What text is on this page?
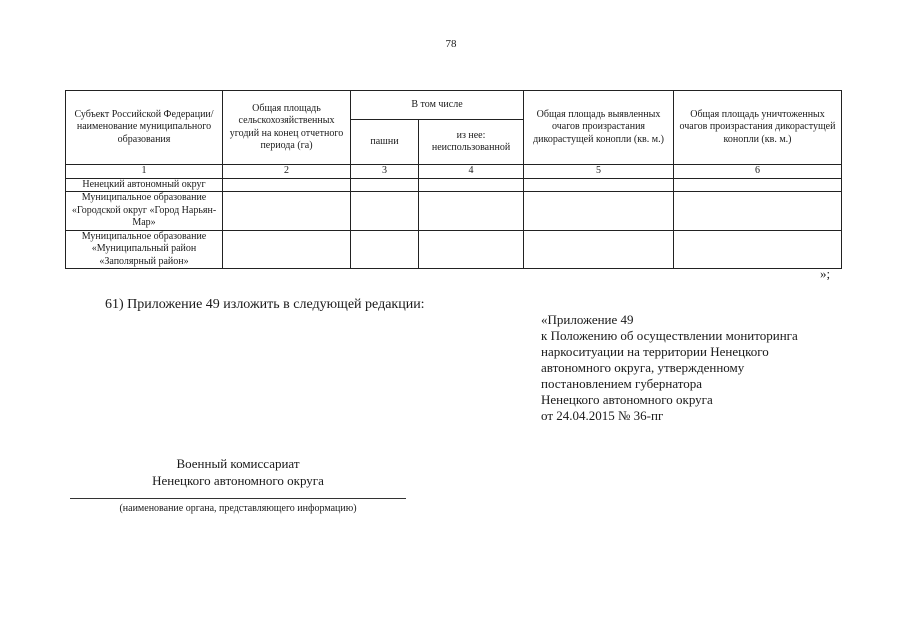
78
Субъект Российской Федерации/ наименование муниципального образования	Общая площадь сельскохозяйственных угодий на конец отчетного периода (га)	В том числе		Общая площадь выявленных очагов произрастания дикорастущей конопли (кв. м.)	Общая площадь уничтоженных очагов произрастания дикорастущей конопли (кв. м.)
		пашни	из нее: неиспользованной		
1	2	3	4	5	6
Ненецкий автономный округ					
Муниципальное образование «Городской округ «Город Нарьян-Мар»					
Муниципальное образование «Муниципальный район «Заполярный район»					
»;
61) Приложение 49 изложить в следующей редакции:
«Приложение 49
к Положению об осуществлении мониторинга
наркоситуации на территории Ненецкого
автономного округа, утвержденному
постановлением губернатора
Ненецкого автономного округа
от 24.04.2015 № 36-пг
Военный комиссариат
Ненецкого автономного округа
(наименование органа, представляющего информацию)
